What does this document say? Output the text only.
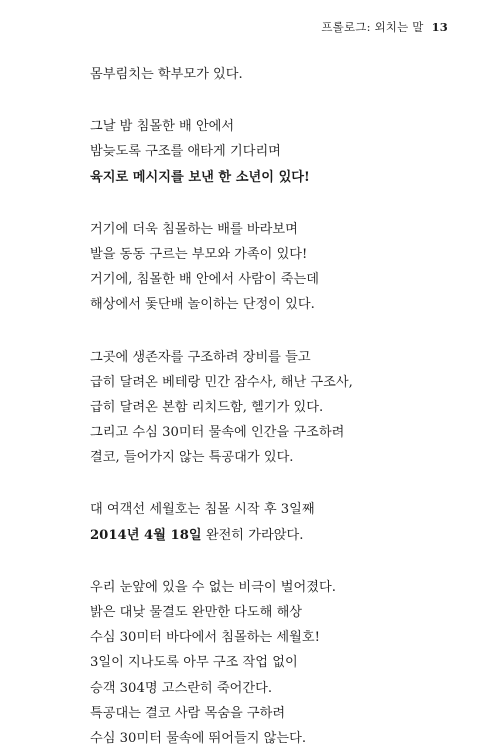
프롤로그: 외치는 말 13
몸부림치는 학부모가 있다.
그날 밤 침몰한 배 안에서
밤늦도록 구조를 애타게 기다리며
육지로 메시지를 보낸 한 소년이 있다!
거기에 더욱 침몰하는 배를 바라보며
발을 동동 구르는 부모와 가족이 있다!
거기에, 침몰한 배 안에서 사람이 죽는데
해상에서 돛단배 놀이하는 단정이 있다.
그곳에 생존자를 구조하려 장비를 들고
급히 달려온 베테랑 민간 잠수사, 해난 구조사,
급히 달려온 본함 리치드함, 헬기가 있다.
그리고 수심 30미터 물속에 인간을 구조하려
결코, 들어가지 않는 특공대가 있다.
대 여객선 세월호는 침몰 시작 후 3일째
2014년 4월 18일 완전히 가라앉다.
우리 눈앞에 있을 수 없는 비극이 벌어졌다.
밝은 대낮 물결도 완만한 다도해 해상
수심 30미터 바다에서 침몰하는 세월호!
3일이 지나도록 아무 구조 작업 없이
승객 304명 고스란히 죽어간다.
특공대는 결코 사람 목숨을 구하려
수심 30미터 물속에 뛰어들지 않는다.
